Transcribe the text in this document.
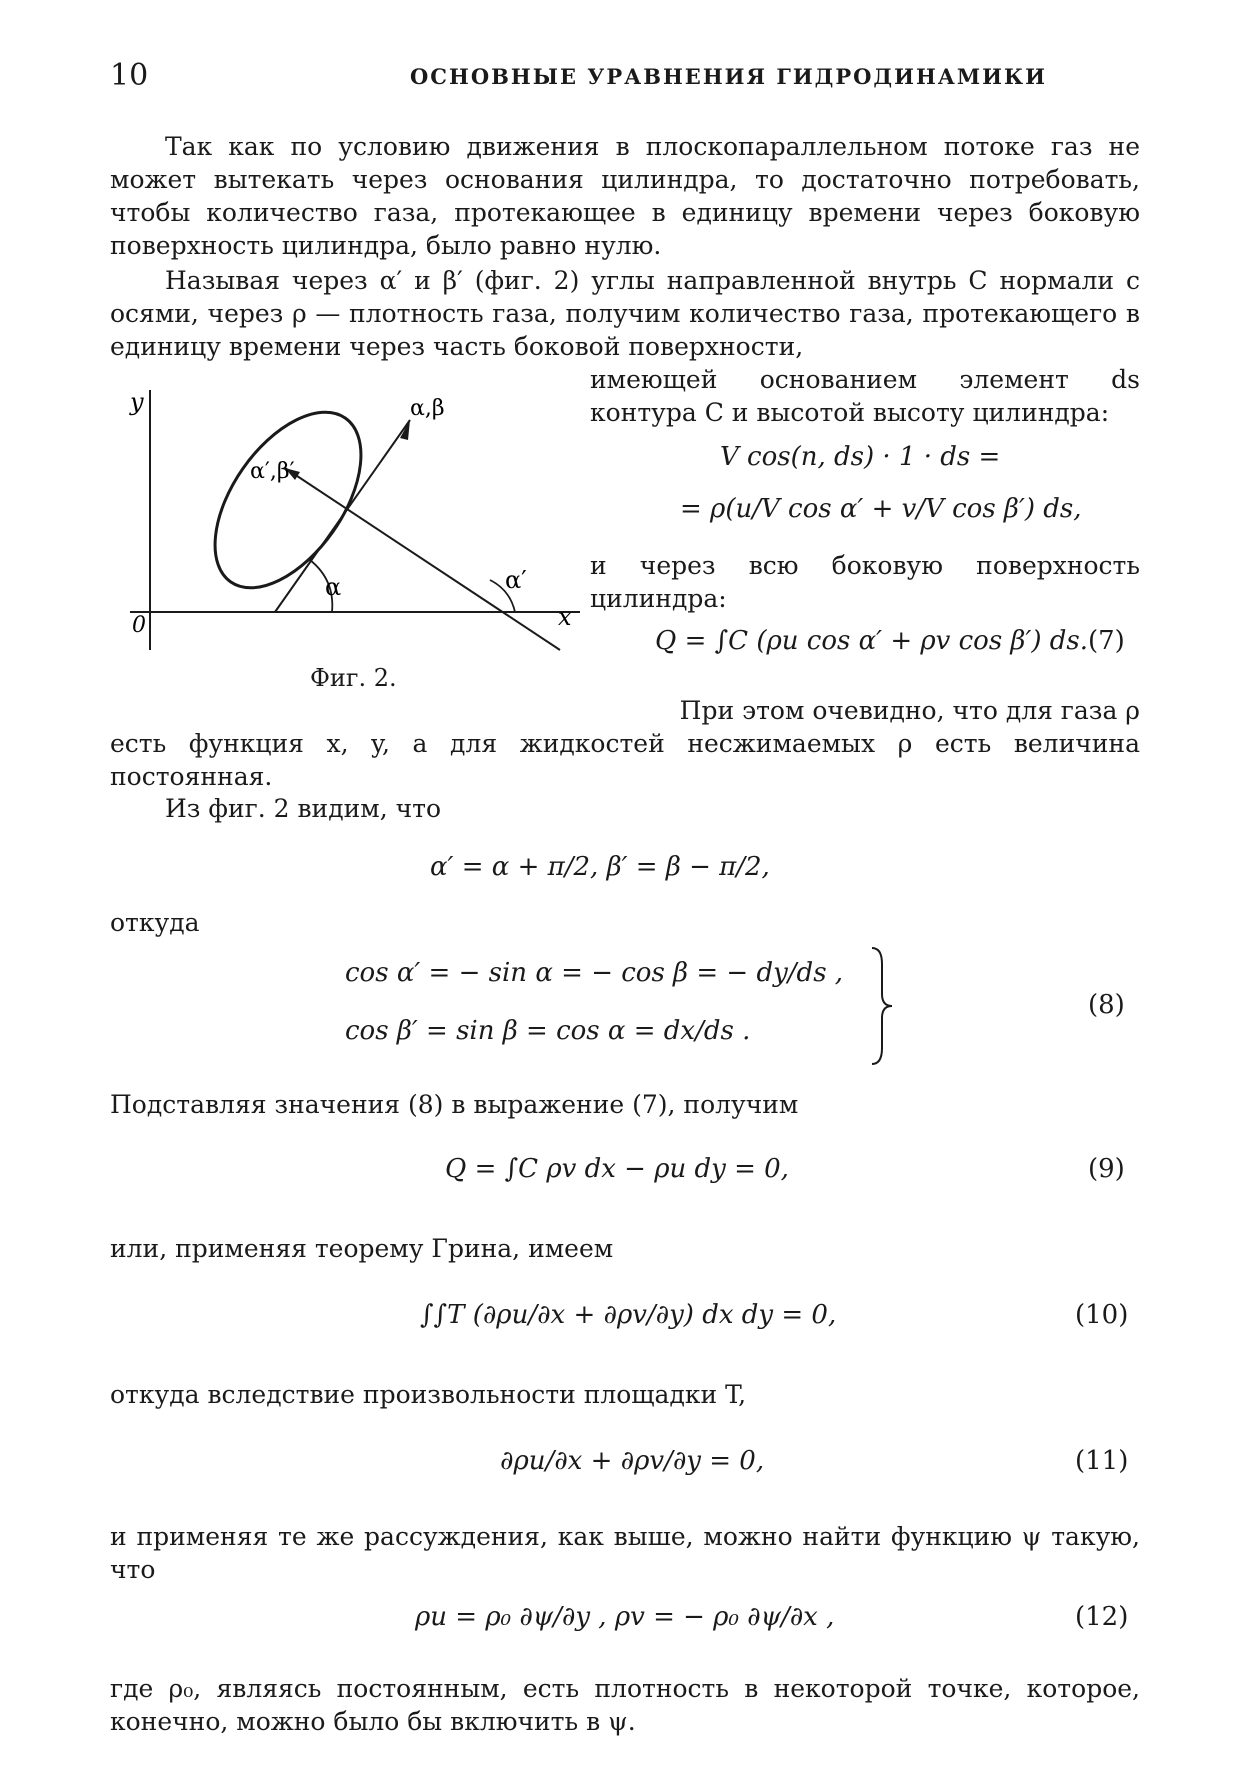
10	ОСНОВНЫЕ УРАВНЕНИЯ ГИДРОДИНАМИКИ
Так как по условию движения в плоскопараллельном потоке газ не может вытекать через основания цилиндра, то достаточно потребовать, чтобы количество газа, протекающее в единицу времени через боковую поверхность цилиндра, было равно нулю.
Называя через α′ и β′ (фиг. 2) углы направленной внутрь C нормали с осями, через ρ — плотность газа, получим количество газа, протекающего в единицу времени через часть боковой поверхности,
имеющей основанием элемент ds контура C и высотой высоту цилиндра:
V cos(n, ds) · 1 · ds =
= ρ(u/V cos α′ + v/V cos β′) ds,
и через всю боковую поверхность цилиндра:
Q = ∫C (ρu cos α′ + ρv cos β′) ds. (7)
y
x
0
α	α′
α,β
α′,β′
Фиг. 2.
При этом очевидно, что для газа ρ
есть функция x, y, а для жидкостей несжимаемых ρ есть величина постоянная.
Из фиг. 2 видим, что
α′ = α + π/2, β′ = β − π/2,
откуда
cos α′ = − sin α = − cos β = − dy/ds ,
cos β′ = sin β = cos α = dx/ds .
(8)
Подставляя значения (8) в выражение (7), получим
Q = ∫C ρv dx − ρu dy = 0,	(9)
или, применяя теорему Грина, имеем
∫∫T (∂ρu/∂x + ∂ρv/∂y) dx dy = 0,	(10)
откуда вследствие произвольности площадки T,
∂ρu/∂x + ∂ρv/∂y = 0,	(11)
и применяя те же рассуждения, как выше, можно найти функцию ψ такую, что
ρu = ρ₀ ∂ψ/∂y , ρv = − ρ₀ ∂ψ/∂x ,	(12)
где ρ₀, являясь постоянным, есть плотность в некоторой точке, которое, конечно, можно было бы включить в ψ.
